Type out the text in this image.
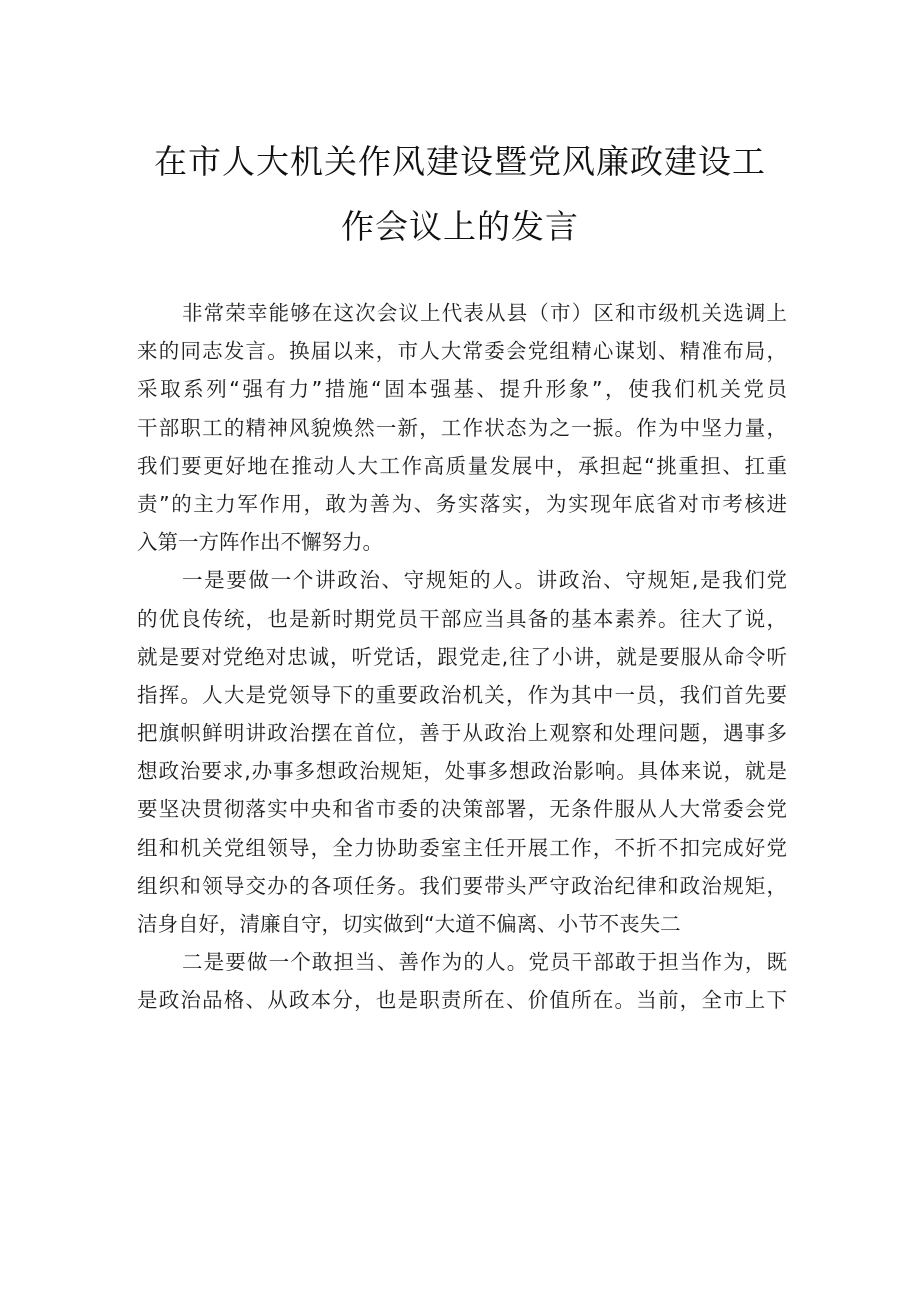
在市人大机关作风建设暨党风廉政建设工
作会议上的发言
非常荣幸能够在这次会议上代表从县（市）区和市级机关选调上
来的同志发言。换届以来，市人大常委会党组精心谋划、精准布局，
采取系列“强有力”措施“固本强基、提升形象”，使我们机关党员
干部职工的精神风貌焕然一新，工作状态为之一振。作为中坚力量，
我们要更好地在推动人大工作高质量发展中，承担起“挑重担、扛重
责”的主力军作用，敢为善为、务实落实，为实现年底省对市考核进
入第一方阵作出不懈努力。
一是要做一个讲政治、守规矩的人。讲政治、守规矩,是我们党
的优良传统，也是新时期党员干部应当具备的基本素养。往大了说，
就是要对党绝对忠诚，听党话，跟党走,往了小讲，就是要服从命令听
指挥。人大是党领导下的重要政治机关，作为其中一员，我们首先要
把旗帜鲜明讲政治摆在首位，善于从政治上观察和处理问题，遇事多
想政治要求,办事多想政治规矩，处事多想政治影响。具体来说，就是
要坚决贯彻落实中央和省市委的决策部署，无条件服从人大常委会党
组和机关党组领导，全力协助委室主任开展工作，不折不扣完成好党
组织和领导交办的各项任务。我们要带头严守政治纪律和政治规矩，
洁身自好，清廉自守，切实做到“大道不偏离、小节不丧失二
二是要做一个敢担当、善作为的人。党员干部敢于担当作为，既
是政治品格、从政本分，也是职责所在、价值所在。当前，全市上下
